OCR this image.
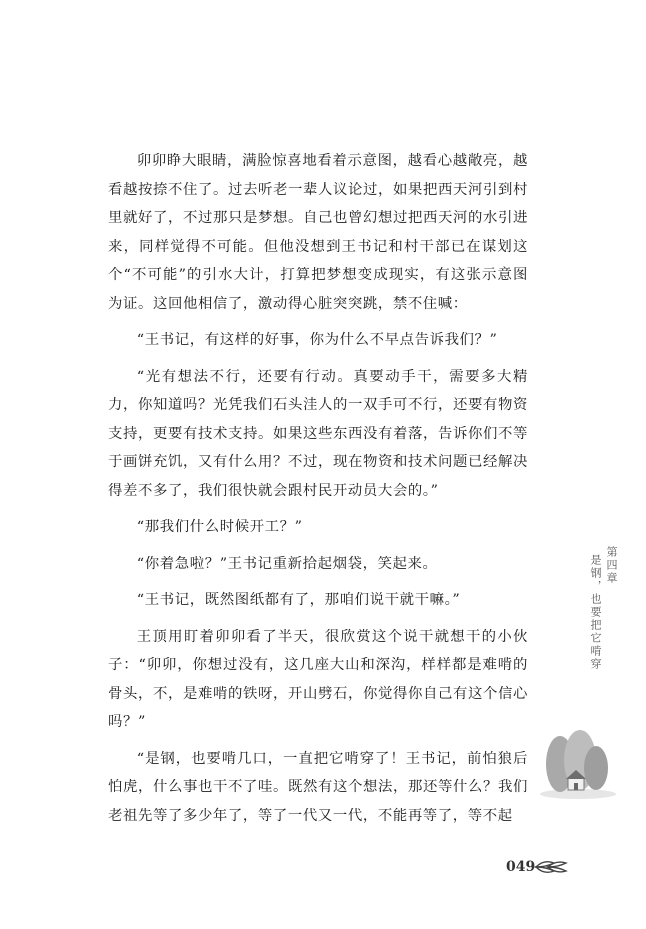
卯卯睁大眼睛，满脸惊喜地看着示意图，越看心越敞亮，越看越按捺不住了。过去听老一辈人议论过，如果把西天河引到村里就好了，不过那只是梦想。自己也曾幻想过把西天河的水引进来，同样觉得不可能。但他没想到王书记和村干部已在谋划这个“不可能”的引水大计，打算把梦想变成现实，有这张示意图为证。这回他相信了，激动得心脏突突跳，禁不住喊：

“王书记，有这样的好事，你为什么不早点告诉我们？”

“光有想法不行，还要有行动。真要动手干，需要多大精力，你知道吗？光凭我们石头洼人的一双手可不行，还要有物资支持，更要有技术支持。如果这些东西没有着落，告诉你们不等于画饼充饥，又有什么用？不过，现在物资和技术问题已经解决得差不多了，我们很快就会跟村民开动员大会的。”

“那我们什么时候开工？”

“你着急啦？”王书记重新拾起烟袋，笑起来。

“王书记，既然图纸都有了，那咱们说干就干嘛。”

王顶用盯着卯卯看了半天，很欣赏这个说干就想干的小伙子：“卯卯，你想过没有，这几座大山和深沟，样样都是难啃的骨头，不，是难啃的铁呀，开山劈石，你觉得你自己有这个信心吗？”

“是钢，也要啃几口，一直把它啃穿了！王书记，前怕狼后怕虎，什么事也干不了哇。既然有这个想法，那还等什么？我们老祖先等了多少年了，等了一代又一代，不能再等了，等不起

第四章
是钢，也要把它啃穿
049
